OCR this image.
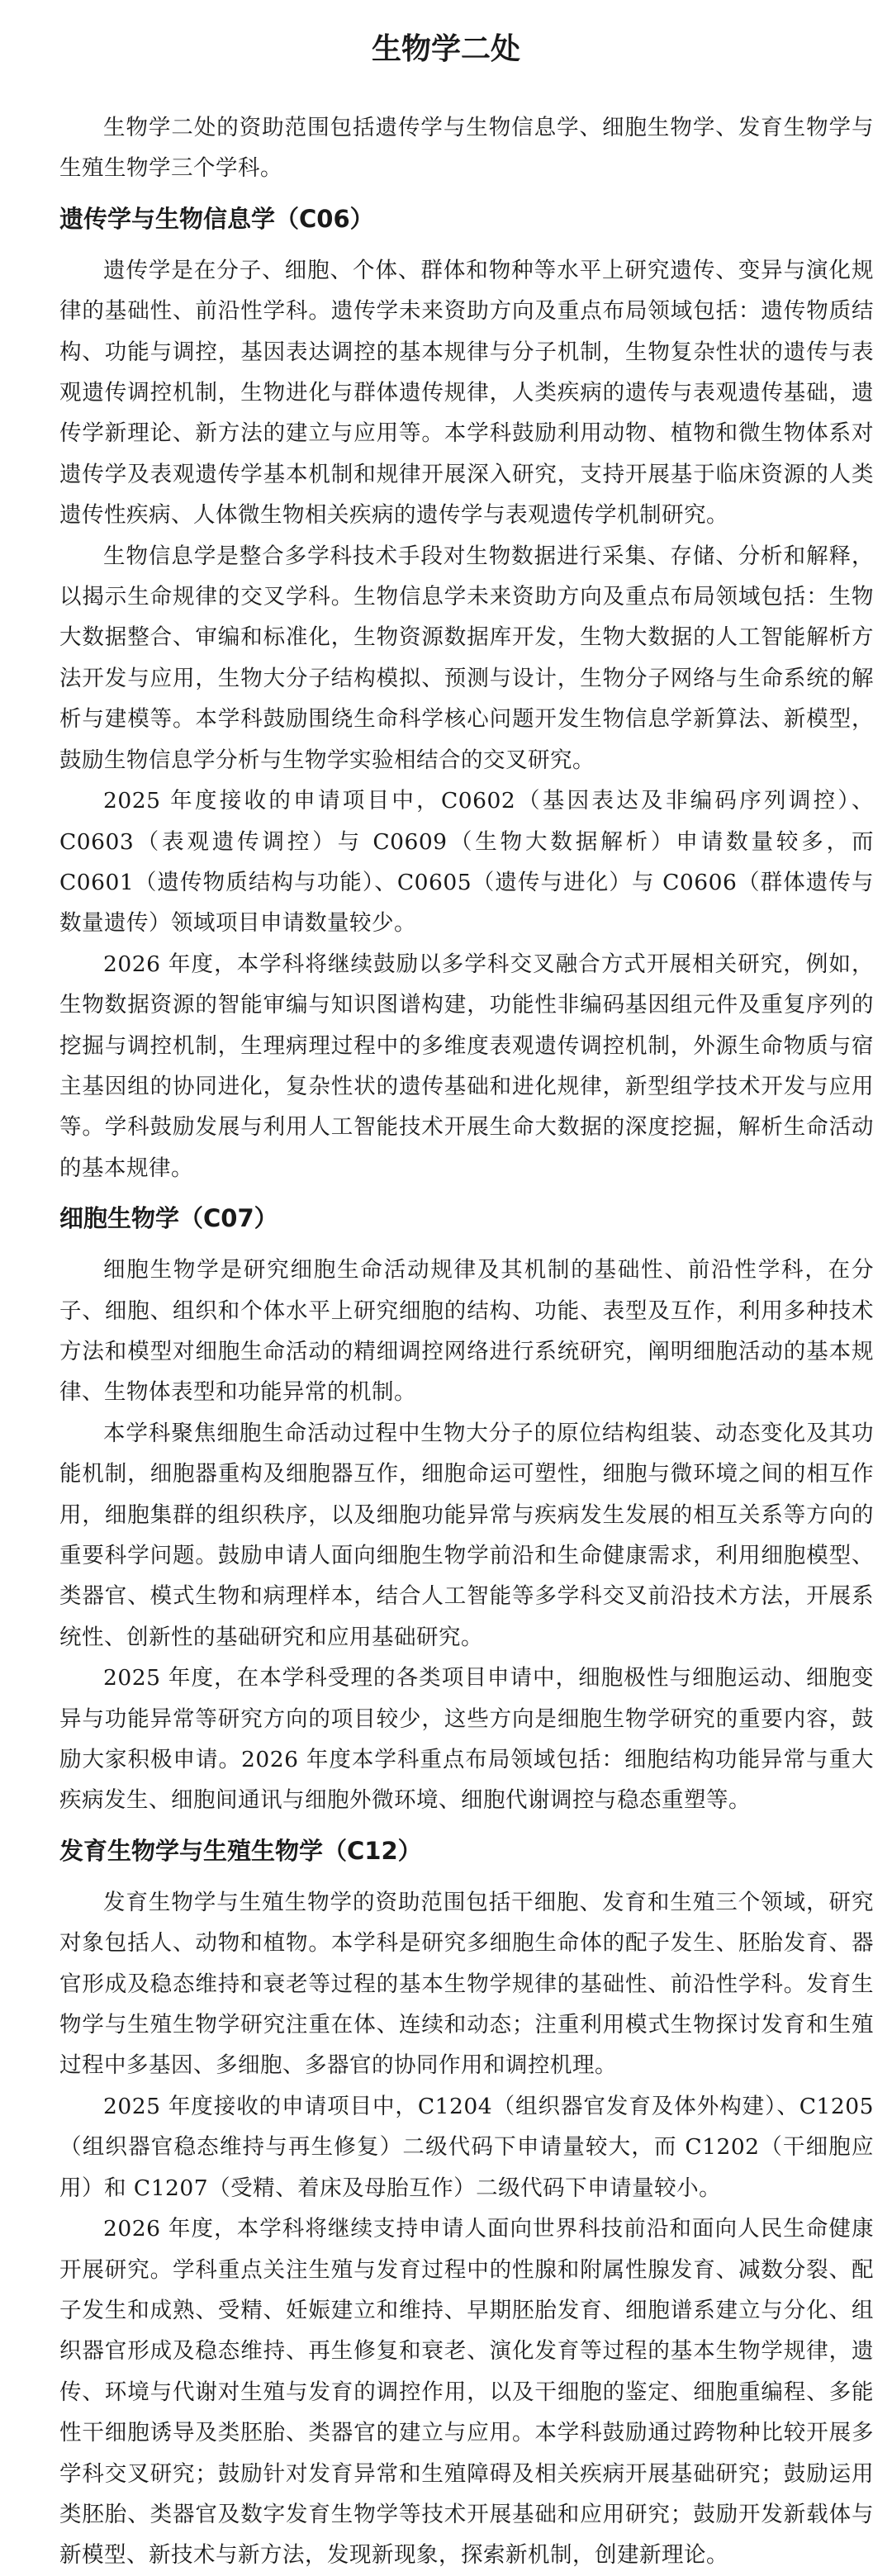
生物学二处

生物学二处的资助范围包括遗传学与生物信息学、细胞生物学、发育生物学与生殖生物学三个学科。

遗传学与生物信息学（C06）

遗传学是在分子、细胞、个体、群体和物种等水平上研究遗传、变异与演化规律的基础性、前沿性学科。遗传学未来资助方向及重点布局领域包括：遗传物质结构、功能与调控，基因表达调控的基本规律与分子机制，生物复杂性状的遗传与表观遗传调控机制，生物进化与群体遗传规律，人类疾病的遗传与表观遗传基础，遗传学新理论、新方法的建立与应用等。本学科鼓励利用动物、植物和微生物体系对遗传学及表观遗传学基本机制和规律开展深入研究，支持开展基于临床资源的人类遗传性疾病、人体微生物相关疾病的遗传学与表观遗传学机制研究。

生物信息学是整合多学科技术手段对生物数据进行采集、存储、分析和解释，以揭示生命规律的交叉学科。生物信息学未来资助方向及重点布局领域包括：生物大数据整合、审编和标准化，生物资源数据库开发，生物大数据的人工智能解析方法开发与应用，生物大分子结构模拟、预测与设计，生物分子网络与生命系统的解析与建模等。本学科鼓励围绕生命科学核心问题开发生物信息学新算法、新模型，鼓励生物信息学分析与生物学实验相结合的交叉研究。

2025 年度接收的申请项目中，C0602（基因表达及非编码序列调控）、C0603（表观遗传调控）与 C0609（生物大数据解析）申请数量较多，而 C0601（遗传物质结构与功能）、C0605（遗传与进化）与 C0606（群体遗传与数量遗传）领域项目申请数量较少。

2026 年度，本学科将继续鼓励以多学科交叉融合方式开展相关研究，例如，生物数据资源的智能审编与知识图谱构建，功能性非编码基因组元件及重复序列的挖掘与调控机制，生理病理过程中的多维度表观遗传调控机制，外源生命物质与宿主基因组的协同进化，复杂性状的遗传基础和进化规律，新型组学技术开发与应用等。学科鼓励发展与利用人工智能技术开展生命大数据的深度挖掘，解析生命活动的基本规律。

细胞生物学（C07）

细胞生物学是研究细胞生命活动规律及其机制的基础性、前沿性学科，在分子、细胞、组织和个体水平上研究细胞的结构、功能、表型及互作，利用多种技术方法和模型对细胞生命活动的精细调控网络进行系统研究，阐明细胞活动的基本规律、生物体表型和功能异常的机制。

本学科聚焦细胞生命活动过程中生物大分子的原位结构组装、动态变化及其功能机制，细胞器重构及细胞器互作，细胞命运可塑性，细胞与微环境之间的相互作用，细胞集群的组织秩序，以及细胞功能异常与疾病发生发展的相互关系等方向的重要科学问题。鼓励申请人面向细胞生物学前沿和生命健康需求，利用细胞模型、类器官、模式生物和病理样本，结合人工智能等多学科交叉前沿技术方法，开展系统性、创新性的基础研究和应用基础研究。

2025 年度，在本学科受理的各类项目申请中，细胞极性与细胞运动、细胞变异与功能异常等研究方向的项目较少，这些方向是细胞生物学研究的重要内容，鼓励大家积极申请。2026 年度本学科重点布局领域包括：细胞结构功能异常与重大疾病发生、细胞间通讯与细胞外微环境、细胞代谢调控与稳态重塑等。

发育生物学与生殖生物学（C12）

发育生物学与生殖生物学的资助范围包括干细胞、发育和生殖三个领域，研究对象包括人、动物和植物。本学科是研究多细胞生命体的配子发生、胚胎发育、器官形成及稳态维持和衰老等过程的基本生物学规律的基础性、前沿性学科。发育生物学与生殖生物学研究注重在体、连续和动态；注重利用模式生物探讨发育和生殖过程中多基因、多细胞、多器官的协同作用和调控机理。

2025 年度接收的申请项目中，C1204（组织器官发育及体外构建）、C1205（组织器官稳态维持与再生修复）二级代码下申请量较大，而 C1202（干细胞应用）和 C1207（受精、着床及母胎互作）二级代码下申请量较小。

2026 年度，本学科将继续支持申请人面向世界科技前沿和面向人民生命健康开展研究。学科重点关注生殖与发育过程中的性腺和附属性腺发育、减数分裂、配子发生和成熟、受精、妊娠建立和维持、早期胚胎发育、细胞谱系建立与分化、组织器官形成及稳态维持、再生修复和衰老、演化发育等过程的基本生物学规律，遗传、环境与代谢对生殖与发育的调控作用，以及干细胞的鉴定、细胞重编程、多能性干细胞诱导及类胚胎、类器官的建立与应用。本学科鼓励通过跨物种比较开展多学科交叉研究；鼓励针对发育异常和生殖障碍及相关疾病开展基础研究；鼓励运用类胚胎、类器官及数字发育生物学等技术开展基础和应用研究；鼓励开发新载体与新模型、新技术与新方法，发现新现象，探索新机制，创建新理论。
